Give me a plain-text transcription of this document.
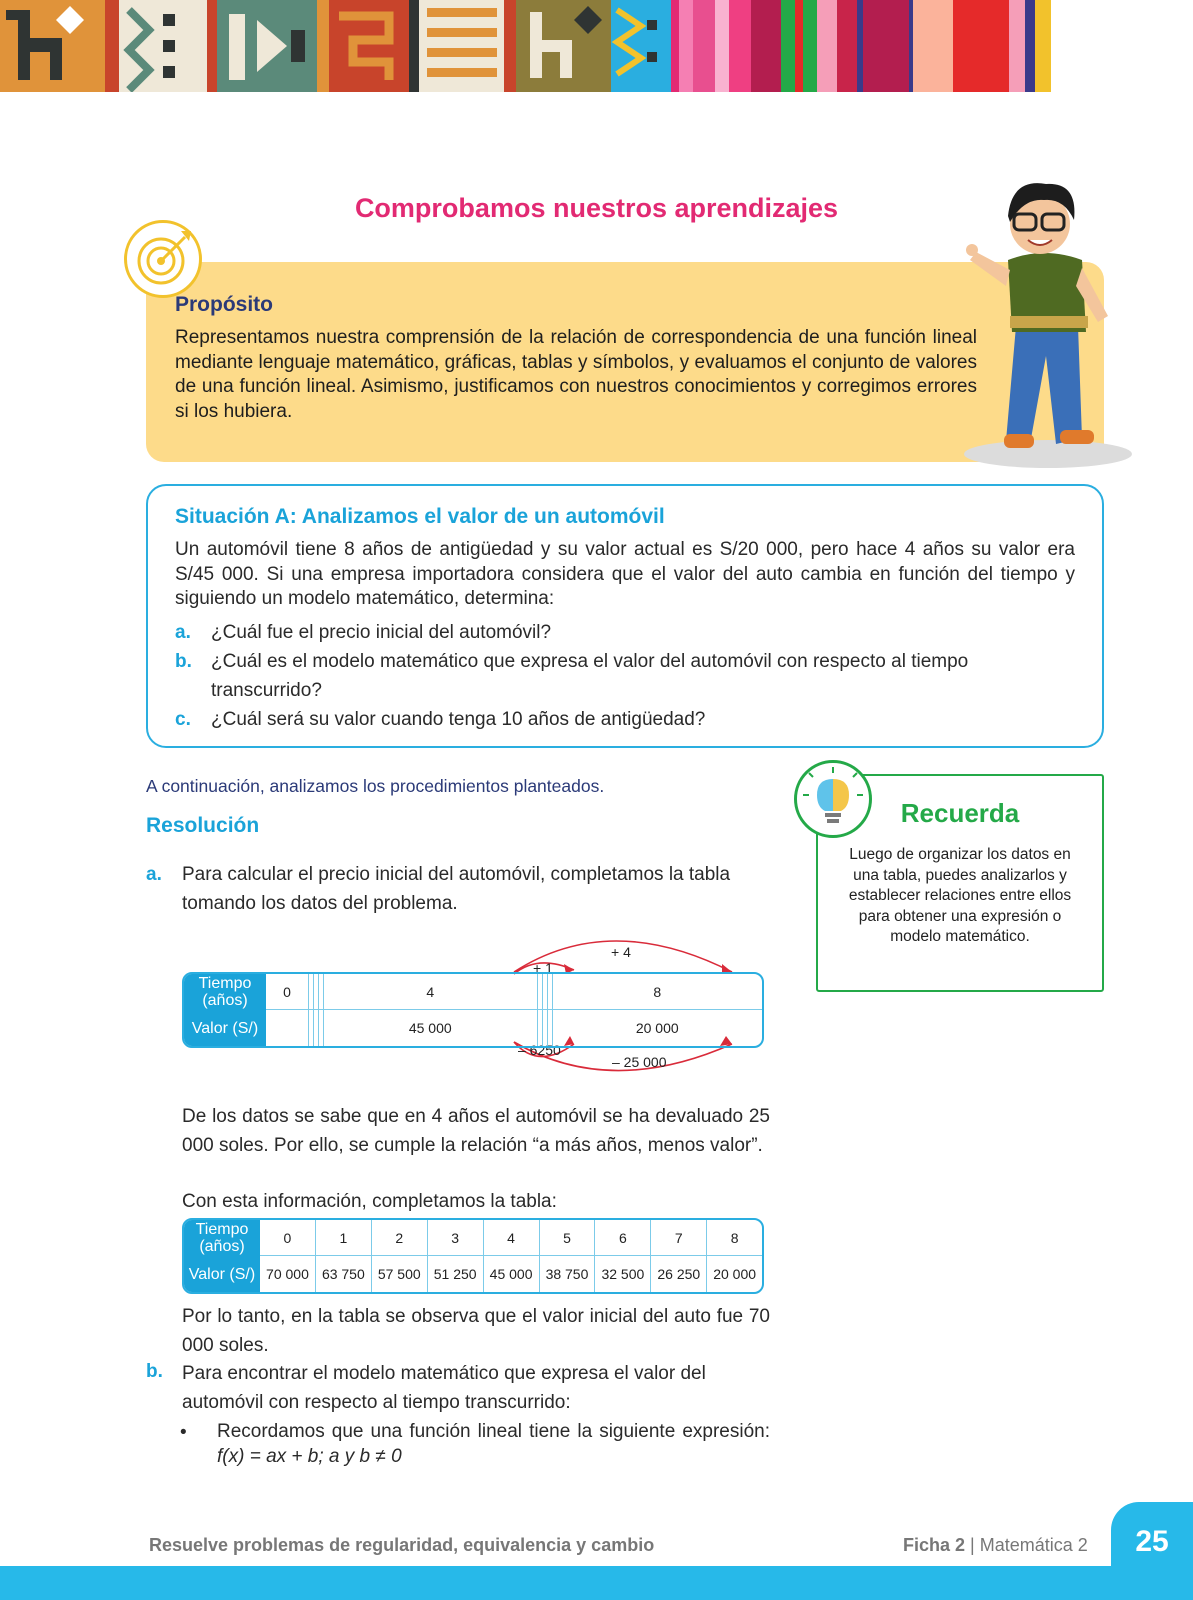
Comprobamos nuestros aprendizajes
Propósito

Representamos nuestra comprensión de la relación de correspondencia de una función lineal mediante lenguaje matemático, gráficas, tablas y símbolos, y evaluamos el conjunto de valores de una función lineal. Asimismo, justificamos con nuestros conocimientos y corregimos errores si los hubiera.

Situación A: Analizamos el valor de un automóvil

Un automóvil tiene 8 años de antigüedad y su valor actual es S/20 000, pero hace 4 años su valor era S/45 000. Si una empresa importadora considera que el valor del auto cambia en función del tiempo y siguiendo un modelo matemático, determina:

a. ¿Cuál fue el precio inicial del automóvil?
b. ¿Cuál es el modelo matemático que expresa el valor del automóvil con respecto al tiempo transcurrido?
c. ¿Cuál será su valor cuando tenga 10 años de antigüedad?

A continuación, analizamos los procedimientos planteados.

Resolución
a. Para calcular el precio inicial del automóvil, completamos la tabla tomando los datos del problema.

+ 1
+ 4
– 6250
– 25 000
Tiempo (años)	0				4				8
Valor (S/)					45 000				20 000

De los datos se sabe que en 4 años el automóvil se ha devaluado 25 000 soles. Por ello, se cumple la relación “a más años, menos valor”.

Con esta información, completamos la tabla:

Tiempo (años)	0	1	2	3	4	5	6	7	8
Valor (S/)	70 000	63 750	57 500	51 250	45 000	38 750	32 500	26 250	20 000

Por lo tanto, en la tabla se observa que el valor inicial del auto fue 70 000 soles.

b. Para encontrar el modelo matemático que expresa el valor del automóvil con respecto al tiempo transcurrido:

• Recordamos que una función lineal tiene la siguiente expresión: f(x) = ax + b; a y b ≠ 0

Recuerda

Luego de organizar los datos en una tabla, puedes analizarlos y establecer relaciones entre ellos para obtener una expresión o modelo matemático.

Resuelve problemas de regularidad, equivalencia y cambio	Ficha 2 | Matemática 2	25
